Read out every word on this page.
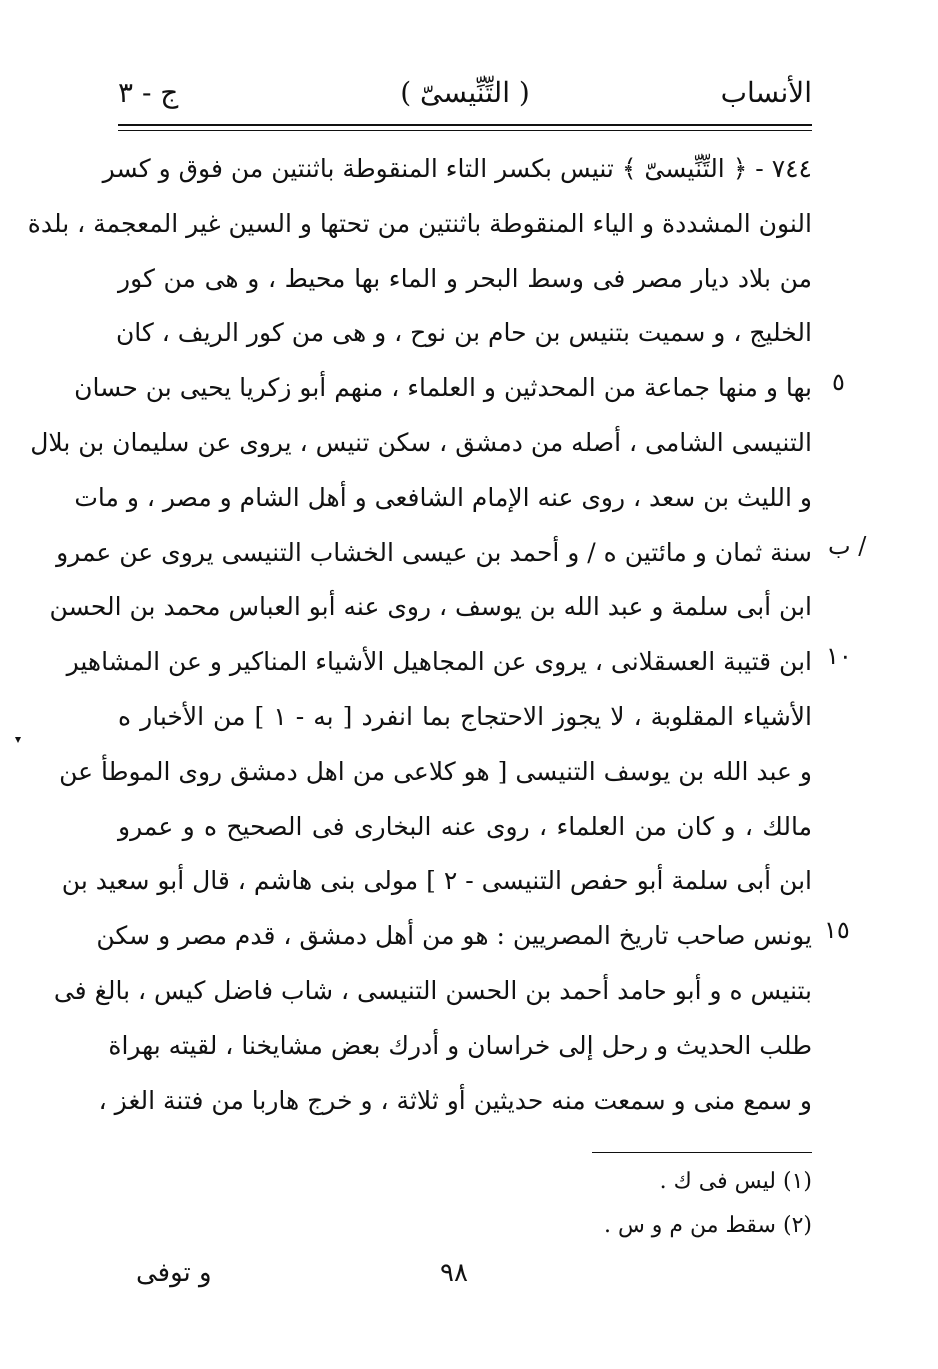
الأنساب
( التِّنِّيسىّ )
ج - ٣
٧٤٤ - ﴿ التِّنِّيسىّ ﴾ تنيس بكسر التاء المنقوطة باثنتين من فوق و كسر
النون المشددة و الياء المنقوطة باثنتين من تحتها و السين غير المعجمة ، بلدة
من بلاد ديار مصر فى وسط البحر و الماء بها محيط ، و هى من كور
الخليج ، و سميت بتنيس بن حام بن نوح ، و هى من كور الريف ، كان
بها و منها جماعة من المحدثين و العلماء ، منهم أبو زكريا يحيى بن حسان
التنيسى الشامى ، أصله من دمشق ، سكن تنيس ، يروى عن سليمان بن بلال
و الليث بن سعد ، روى عنه الإمام الشافعى و أهل الشام و مصر ، و مات
سنة ثمان و مائتين ه / و أحمد بن عيسى الخشاب التنيسى يروى عن عمرو
ابن أبى سلمة و عبد الله بن يوسف ، روى عنه أبو العباس محمد بن الحسن
ابن قتيبة العسقلانى ، يروى عن المجاهيل الأشياء المناكير و عن المشاهير
الأشياء المقلوبة ، لا يجوز الاحتجاج بما انفرد [ به - ١ ] من الأخبار ه
و عبد الله بن يوسف التنيسى [ هو كلاعى من اهل دمشق روى الموطأ عن
مالك ، و كان من العلماء ، روى عنه البخارى فى الصحيح ه و عمرو
ابن أبى سلمة أبو حفص التنيسى - ٢ ] مولى بنى هاشم ، قال أبو سعيد بن
يونس صاحب تاريخ المصريين : هو من أهل دمشق ، قدم مصر و سكن
بتنيس ه و أبو حامد أحمد بن الحسن التنيسى ، شاب فاضل كيس ، بالغ فى
طلب الحديث و رحل إلى خراسان و أدرك بعض مشايخنا ، لقيته بهراة
و سمع منى و سمعت منه حديثين أو ثلاثة ، و خرج هاربا من فتنة الغز ،
٥
/ ب
١٠
١٥
(١) ليس فى ك .
(٢) سقط من م و س .
٩٨
و توفى
